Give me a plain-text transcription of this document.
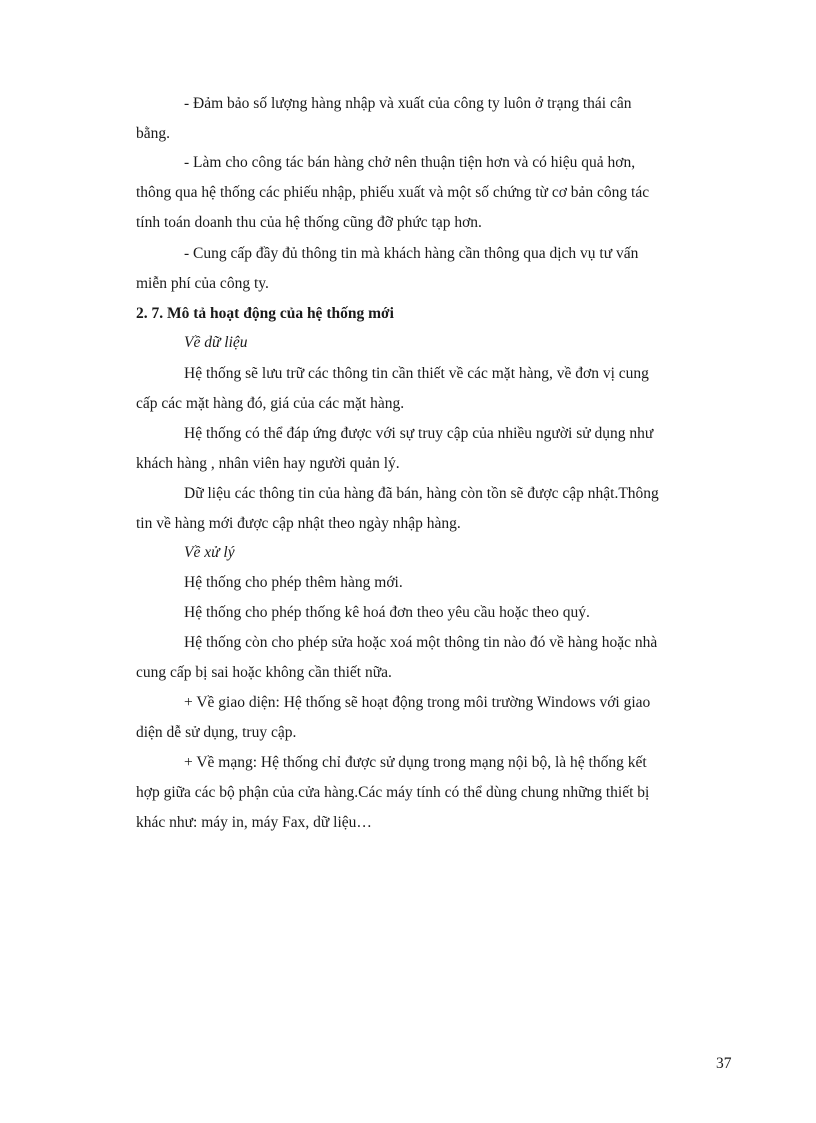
- Đảm bảo số lượng hàng nhập và xuất của công ty luôn ở trạng thái cân
bằng.
- Làm cho công tác bán hàng chở nên thuận tiện hơn và có hiệu quả hơn,
thông qua hệ thống các phiếu nhập, phiếu xuất và một số chứng từ cơ bản công tác
tính toán doanh thu của hệ thống cũng đỡ phức tạp hơn.
- Cung cấp đầy đủ thông tin mà khách hàng cần thông qua dịch vụ tư vấn
miễn phí của công ty.
2. 7. Mô tả hoạt động của hệ thống mới
Về dữ liệu
Hệ thống sẽ lưu trữ các thông tin cần thiết về các mặt hàng, về đơn vị cung
cấp các mặt hàng đó, giá của các mặt hàng.
Hệ thống có thể đáp ứng được với sự truy cập của nhiều người sử dụng như
khách hàng , nhân viên hay người quản lý.
Dữ liệu các thông tin của hàng đã bán, hàng còn tồn sẽ được cập nhật.Thông
tin về hàng mới được cập nhật theo ngày nhập hàng.
Về xử lý
Hệ thống cho phép thêm hàng mới.
Hệ thống cho phép thống kê hoá đơn theo yêu cầu hoặc theo quý.
Hệ thống còn cho phép sửa hoặc xoá một thông tin nào đó về hàng hoặc nhà
cung cấp bị sai hoặc không cần thiết nữa.
+ Về giao diện: Hệ thống sẽ hoạt động trong môi trường Windows với giao
diện dễ sử dụng, truy cập.
+ Về mạng: Hệ thống chỉ được sử dụng trong mạng nội bộ, là hệ thống kết
hợp giữa các bộ phận của cửa hàng.Các máy tính có thể dùng chung những thiết bị
khác như: máy in, máy Fax, dữ liệu…
37
